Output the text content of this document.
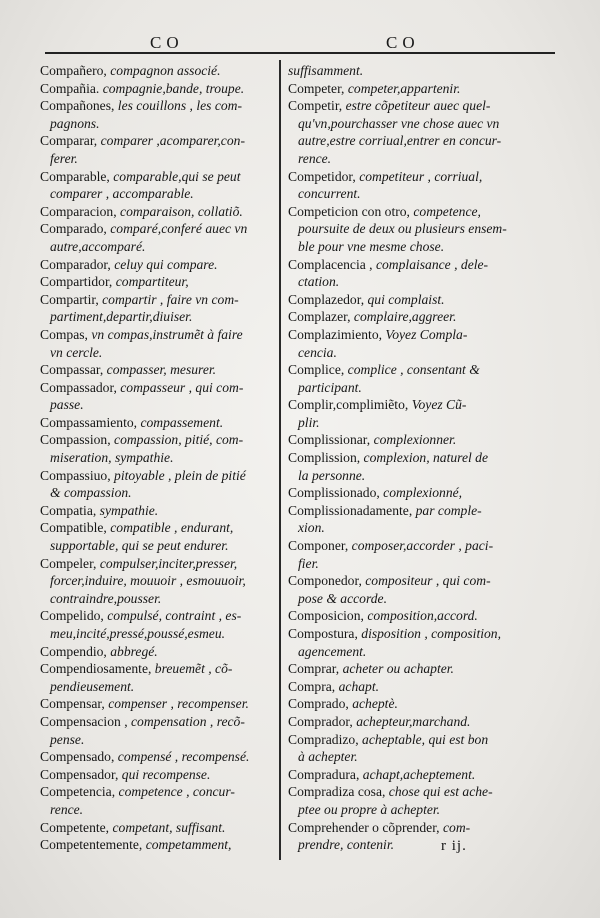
CO	CO
Compañero, compagnon associé.
Compañia. compagnie,bande, troupe.
Compañones, les couillons , les com-
pagnons.
Comparar, comparer ,acomparer,con-
ferer.
Comparable, comparable,qui se peut
comparer , accomparable.
Comparacion, comparaison, collatiõ.
Comparado, comparé,conferé auec vn
autre,accomparé.
Comparador, celuy qui compare.
Compartidor, compartiteur,
Compartir, compartir , faire vn com-
partiment,departir,diuiser.
Compas, vn compas,instrumẽt à faire
vn cercle.
Compassar, compasser, mesurer.
Compassador, compasseur , qui com-
passe.
Compassamiento, compassement.
Compassion, compassion, pitié, com-
miseration, sympathie.
Compassiuo, pitoyable , plein de pitié
& compassion.
Compatia, sympathie.
Compatible, compatible , endurant,
supportable, qui se peut endurer.
Compeler, compulser,inciter,presser,
forcer,induire, mouuoir , esmouuoir,
contraindre,pousser.
Compelido, compulsé, contraint , es-
meu,incité,pressé,poussé,esmeu.
Compendio, abbregé.
Compendiosamente, breuemẽt , cõ-
pendieusement.
Compensar, compenser , recompenser.
Compensacion , compensation , recõ-
pense.
Compensado, compensé , recompensé.
Compensador, qui recompense.
Competencia, competence , concur-
rence.
Competente, competant, suffisant.
Competentemente, competamment,
suffisamment.
Competer, competer,appartenir.
Competir, estre cõpetiteur auec quel-
qu'vn,pourchasser vne chose auec vn
autre,estre corriual,entrer en concur-
rence.
Competidor, competiteur , corriual,
concurrent.
Competicion con otro, competence,
poursuite de deux ou plusieurs ensem-
ble pour vne mesme chose.
Complacencia , complaisance , dele-
ctation.
Complazedor, qui complaist.
Complazer, complaire,aggreer.
Complazimiento, Voyez Compla-
cencia.
Complice, complice , consentant &
participant.
Complir,complimiẽto, Voyez Cũ-
plir.
Complissionar, complexionner.
Complission, complexion, naturel de
la personne.
Complissionado, complexionné,
Complissionadamente, par comple-
xion.
Componer, composer,accorder , paci-
fier.
Componedor, compositeur , qui com-
pose & accorde.
Composicion, composition,accord.
Compostura, disposition , composition,
agencement.
Comprar, acheter ou achapter.
Compra, achapt.
Comprado, acheptè.
Comprador, achepteur,marchand.
Compradizo, acheptable, qui est bon
à achepter.
Compradura, achapt,acheptement.
Compradiza cosa, chose qui est ache-
ptee ou propre à achepter.
Comprehender o cõprender, com-
prendre, contenir.	r ij.
